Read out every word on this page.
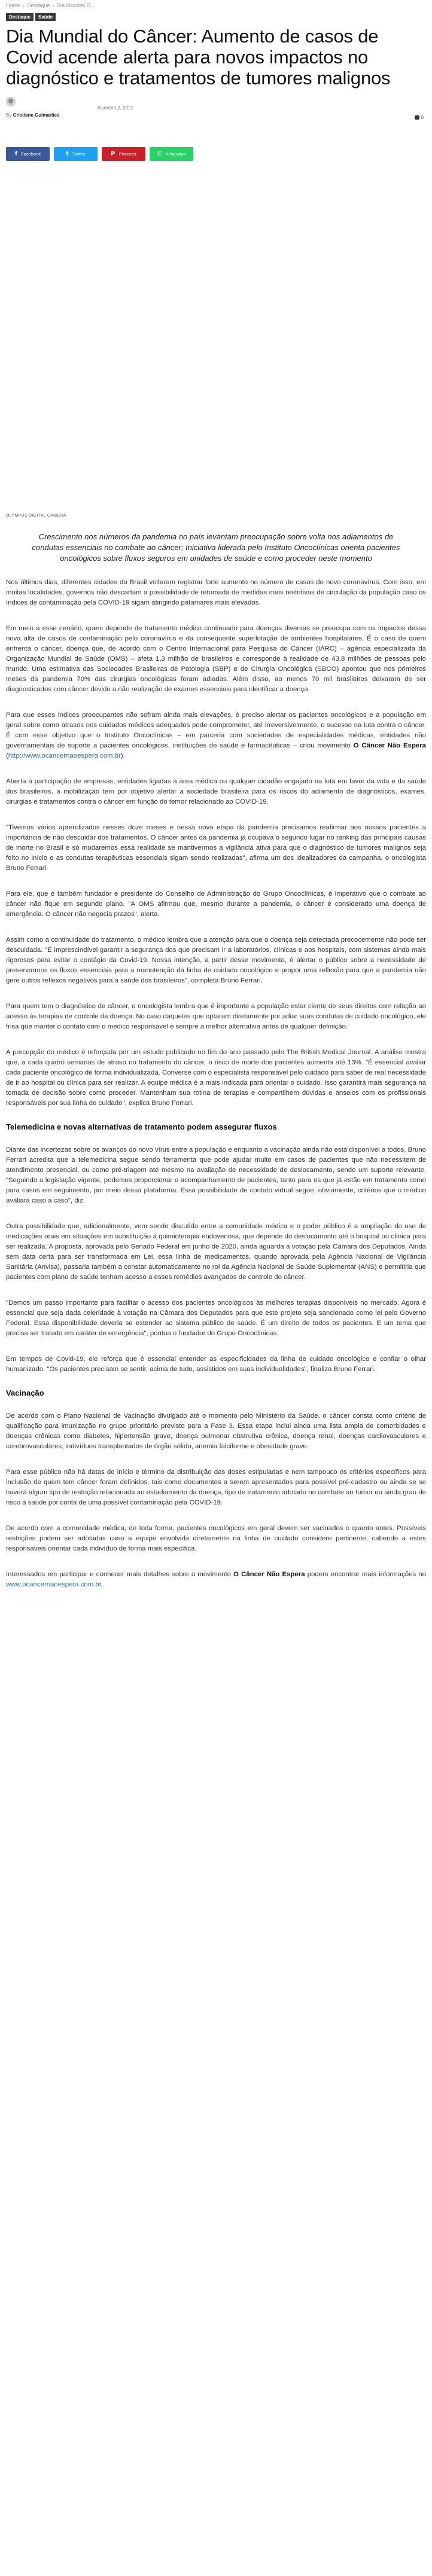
Home › Destaque › Dia Mundial D...
Destaque	Saúde
Dia Mundial do Câncer: Aumento de casos de Covid acende alerta para novos impactos no diagnóstico e tratamentos de tumores malignos
fevereiro 2, 2021
By Cristiane Guimarães	0
f Facebook	t Twitter	P Pinterest	✆ WhatsApp
OLYMPUS DIGITAL CAMERA

Crescimento nos números da pandemia no país levantam preocupação sobre volta nos adiamentos de condutas essenciais no combate ao câncer; Iniciativa liderada pelo Instituto Oncoclínicas orienta pacientes oncológicos sobre fluxos seguros em unidades de saúde e como proceder neste momento

Nos últimos dias, diferentes cidades do Brasil voltaram registrar forte aumento no número de casos do novo coronavírus. Com isso, em muitas localidades, governos não descartam a possibilidade de retomada de medidas mais restritivas de circulação da população caso os índices de contaminação pela COVID-19 sigam atingindo patamares mais elevados.

Em meio a esse cenário, quem depende de tratamento médico continuado para doenças diversas se preocupa com os impactos dessa nova alta de casos de contaminação pelo coronavírus e da consequente superlotação de ambientes hospitalares. É o caso de quem enfrenta o câncer, doença que, de acordo com o Centro Internacional para Pesquisa do Câncer (IARC) – agência especializada da Organização Mundial de Saúde (OMS) – afeta 1,3 milhão de brasileiros e corresponde à realidade de 43,8 milhões de pessoas pelo mundo. Uma estimativa das Sociedades Brasileiras de Patologia (SBP) e de Cirurgia Oncológica (SBCO) apontou que nos primeiros meses da pandemia 70% das cirurgias oncológicas foram adiadas. Além disso, ao menos 70 mil brasileiros deixaram de ser diagnosticados com câncer devido a não realização de exames essenciais para identificar a doença.

Para que esses índices preocupantes não sofram ainda mais elevações, é preciso alertar os pacientes oncológicos e a população em geral sobre como atrasos nos cuidados médicos adequados pode comprometer, até irreversivelmente, o sucesso na luta contra o câncer. É com esse objetivo que o Instituto Oncoclínicas – em parceria com sociedades de especialidades médicas, entidades não governamentais de suporte a pacientes oncológicos, instituições de saúde e farmacêuticas – criou movimento O Câncer Não Espera (http://www.ocancernaoespera.com.br).

Aberta à participação de empresas, entidades ligadas à área médica ou qualquer cidadão engajado na luta em favor da vida e da saúde dos brasileiros, a mobilização tem por objetivo alertar a sociedade brasileira para os riscos do adiamento de diagnósticos, exames, cirurgias e tratamentos contra o câncer em função do temor relacionado ao COVID-19.

"Tivemos vários aprendizados nesses doze meses e nessa nova etapa da pandemia precisamos reafirmar aos nossos pacientes a importância de não descuidar dos tratamentos. O câncer antes da pandemia já ocupava o segundo lugar no ranking das principais causas de morte no Brasil e só mudaremos essa realidade se mantivermos a vigilância ativa para que o diagnóstico de tumores malignos seja feito no início e as condutas terapêuticas essenciais sigam sendo realizadas", afirma um dos idealizadores da campanha, o oncologista Bruno Ferrari.

Para ele, que é também fundador e presidente do Conselho de Administração do Grupo Oncoclínicas, é imperativo que o combate ao câncer não fique em segundo plano. "A OMS afirmou que, mesmo durante a pandemia, o câncer é considerado uma doença de emergência. O câncer não negocia prazos", alerta.

Assim como a continuidade do tratamento, o médico lembra que a atenção para que a doença seja detectada precocemente não pode ser descuidada. "É imprescindível garantir a segurança dos que precisam ir a laboratórios, clínicas e aos hospitais, com sistemas ainda mais rigorosos para evitar o contágio da Covid-19. Nossa intenção, a partir desse movimento, é alertar o público sobre a necessidade de preservarmos os fluxos essenciais para a manutenção da linha de cuidado oncológico e propor uma reflexão para que a pandemia não gere outros reflexos negativos para a saúde dos brasileiros", completa Bruno Ferrari.

Para quem tem o diagnóstico de câncer, o oncologista lembra que é importante a população estar ciente de seus direitos com relação ao acesso às terapias de controle da doença. No caso daqueles que optaram diretamente por adiar suas condutas de cuidado oncológico, ele frisa que manter o contato com o médico responsável é sempre a melhor alternativa antes de qualquer definição.

A percepção do médico é reforçada por um estudo publicado no fim do ano passado pelo The British Medical Journal. A análise mostra que, a cada quatro semanas de atraso no tratamento do câncer, o risco de morte dos pacientes aumenta até 13%. "É essencial avaliar cada paciente oncológico de forma individualizada. Converse com o especialista responsável pelo cuidado para saber de real necessidade de ir ao hospital ou clínica para ser realizar. A equipe médica é a mais indicada para orientar o cuidado. Isso garantirá mais segurança na tomada de decisão sobre como proceder. Mantenham sua rotina de terapias e compartilhem dúvidas e anseios com os profissionais responsáveis por sua linha de cuidado", explica Bruno Ferrari.

Telemedicina e novas alternativas de tratamento podem assegurar fluxos

Diante das incertezas sobre os avanços do novo vírus entre a população e enquanto a vacinação ainda não está disponível a todos, Bruno Ferrari acredita que a telemedicina segue sendo ferramenta que pode ajudar muito em casos de pacientes que não necessitem de atendimento presencial, ou como pré-triagem até mesmo na avaliação de necessidade de deslocamento, sendo um suporte relevante. "Seguindo a legislação vigente, podemos proporcionar o acompanhamento de pacientes, tanto para os que já estão em tratamento como para casos em seguimento, por meio dessa plataforma. Essa possibilidade de contato virtual segue, obviamente, critérios que o médico avaliará caso a caso", diz.

Outra possibilidade que, adicionalmente, vem sendo discutida entre a comunidade médica e o poder público é a ampliação do uso de medicações orais em situações em substituição à quimioterapia endovenosa, que depende do deslocamento até o hospital ou clínica para ser realizada. A proposta, aprovada pelo Senado Federal em junho de 2020, ainda aguarda a votação pela Câmara dos Deputados. Ainda sem data certa para ser transformada em Lei, essa linha de medicamentos, quando aprovada pela Agência Nacional de Vigilância Sanitária (Anvisa), passaria também a constar automaticamente no rol da Agência Nacional de Saúde Suplementar (ANS) e permitiria que pacientes com plano de saúde tenham acesso a esses remédios avançados de controle do câncer.

"Demos um passo importante para facilitar o acesso dos pacientes oncológicos às melhores terapias disponíveis no mercado. Agora é essencial que seja dada celeridade à votação na Câmara dos Deputados para que este projeto seja sancionado como lei pelo Governo Federal. Essa disponibilidade deveria se estender ao sistema público de saúde. É um direito de todos os pacientes. E um tema que precisa ser tratado em caráter de emergência", pontua o fundador do Grupo Oncoclínicas.

Em tempos de Covid-19, ele reforça que é essencial entender as especificidades da linha de cuidado oncológico e confiar o olhar humanizado. "Os pacientes precisam se sentir, acima de tudo, assistidos em suas individualidades", finaliza Bruno Ferrari.

Vacinação

De acordo com o Plano Nacional de Vacinação divulgado até o momento pelo Ministério da Saúde, o câncer consta como critério de qualificação para imunização no grupo prioritário previsto para a Fase 3. Essa etapa inclui ainda uma lista ampla de comorbidades e doenças crônicas como diabetes, hipertensão grave, doença pulmonar obstrutiva crônica, doença renal, doenças cardiovasculares e cerebrovasculares, indivíduos transplantados de órgão sólido, anemia falciforme e obesidade grave.

Para esse público não há datas de início e término da distribuição das doses estipuladas e nem tampouco os critérios específicos para inclusão de quem tem câncer foram definidos, tais como documentos a serem apresentados para possível pré-cadastro ou ainda se se haverá algum tipo de restrição relacionada ao estadiamento da doença, tipo de tratamento adotado no combate ao tumor ou ainda grau de risco à saúde por conta de uma possível contaminação pela COVID-19.

De acordo com a comunidade médica, de toda forma, pacientes oncológicos em geral devem ser vacinados o quanto antes. Possíveis restrições podem ser adotadas caso a equipe envolvida diretamente na linha de cuidado considere pertinente, cabendo a estes responsáveis orientar cada indivíduo de forma mais específica.

Interessados em participar e conhecer mais detalhes sobre o movimento O Câncer Não Espera podem encontrar mais informações no www.ocancernaoespera.com.br.
